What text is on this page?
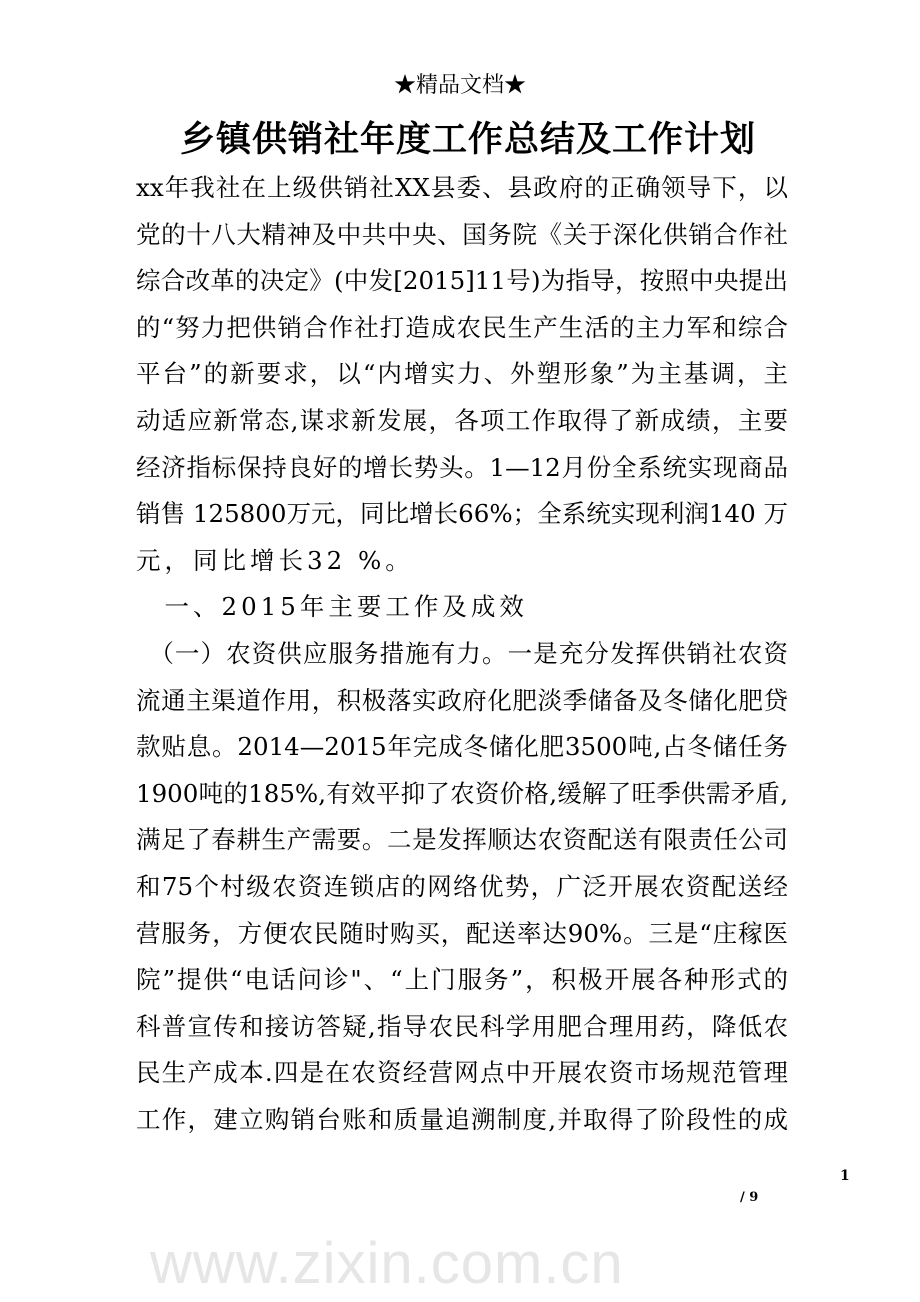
★精品文档★
乡镇供销社年度工作总结及工作计划
xx年我社在上级供销社XX县委、县政府的正确领导下，以
党的十八大精神及中共中央、国务院《关于深化供销合作社
综合改革的决定》(中发[2015]11号)为指导，按照中央提出
的“努力把供销合作社打造成农民生产生活的主力军和综合
平台”的新要求，以“内增实力、外塑形象”为主基调，主
动适应新常态,谋求新发展，各项工作取得了新成绩，主要
经济指标保持良好的增长势头。1—12月份全系统实现商品
销售 125800万元，同比增长66%；全系统实现利润140 万
元，同比增长32 %。
　一、2015年主要工作及成效
　（一）农资供应服务措施有力。一是充分发挥供销社农资
流通主渠道作用，积极落实政府化肥淡季储备及冬储化肥贷
款贴息。2014—2015年完成冬储化肥3500吨,占冬储任务
1900吨的185%,有效平抑了农资价格,缓解了旺季供需矛盾,
满足了春耕生产需要。二是发挥顺达农资配送有限责任公司
和75个村级农资连锁店的网络优势，广泛开展农资配送经
营服务，方便农民随时购买，配送率达90%。三是“庄稼医
院”提供“电话问诊"、“上门服务”，积极开展各种形式的
科普宣传和接访答疑,指导农民科学用肥合理用药，降低农
民生产成本.四是在农资经营网点中开展农资市场规范管理
工作，建立购销台账和质量追溯制度,并取得了阶段性的成
1
/ 9
www.zixin.com.cn
